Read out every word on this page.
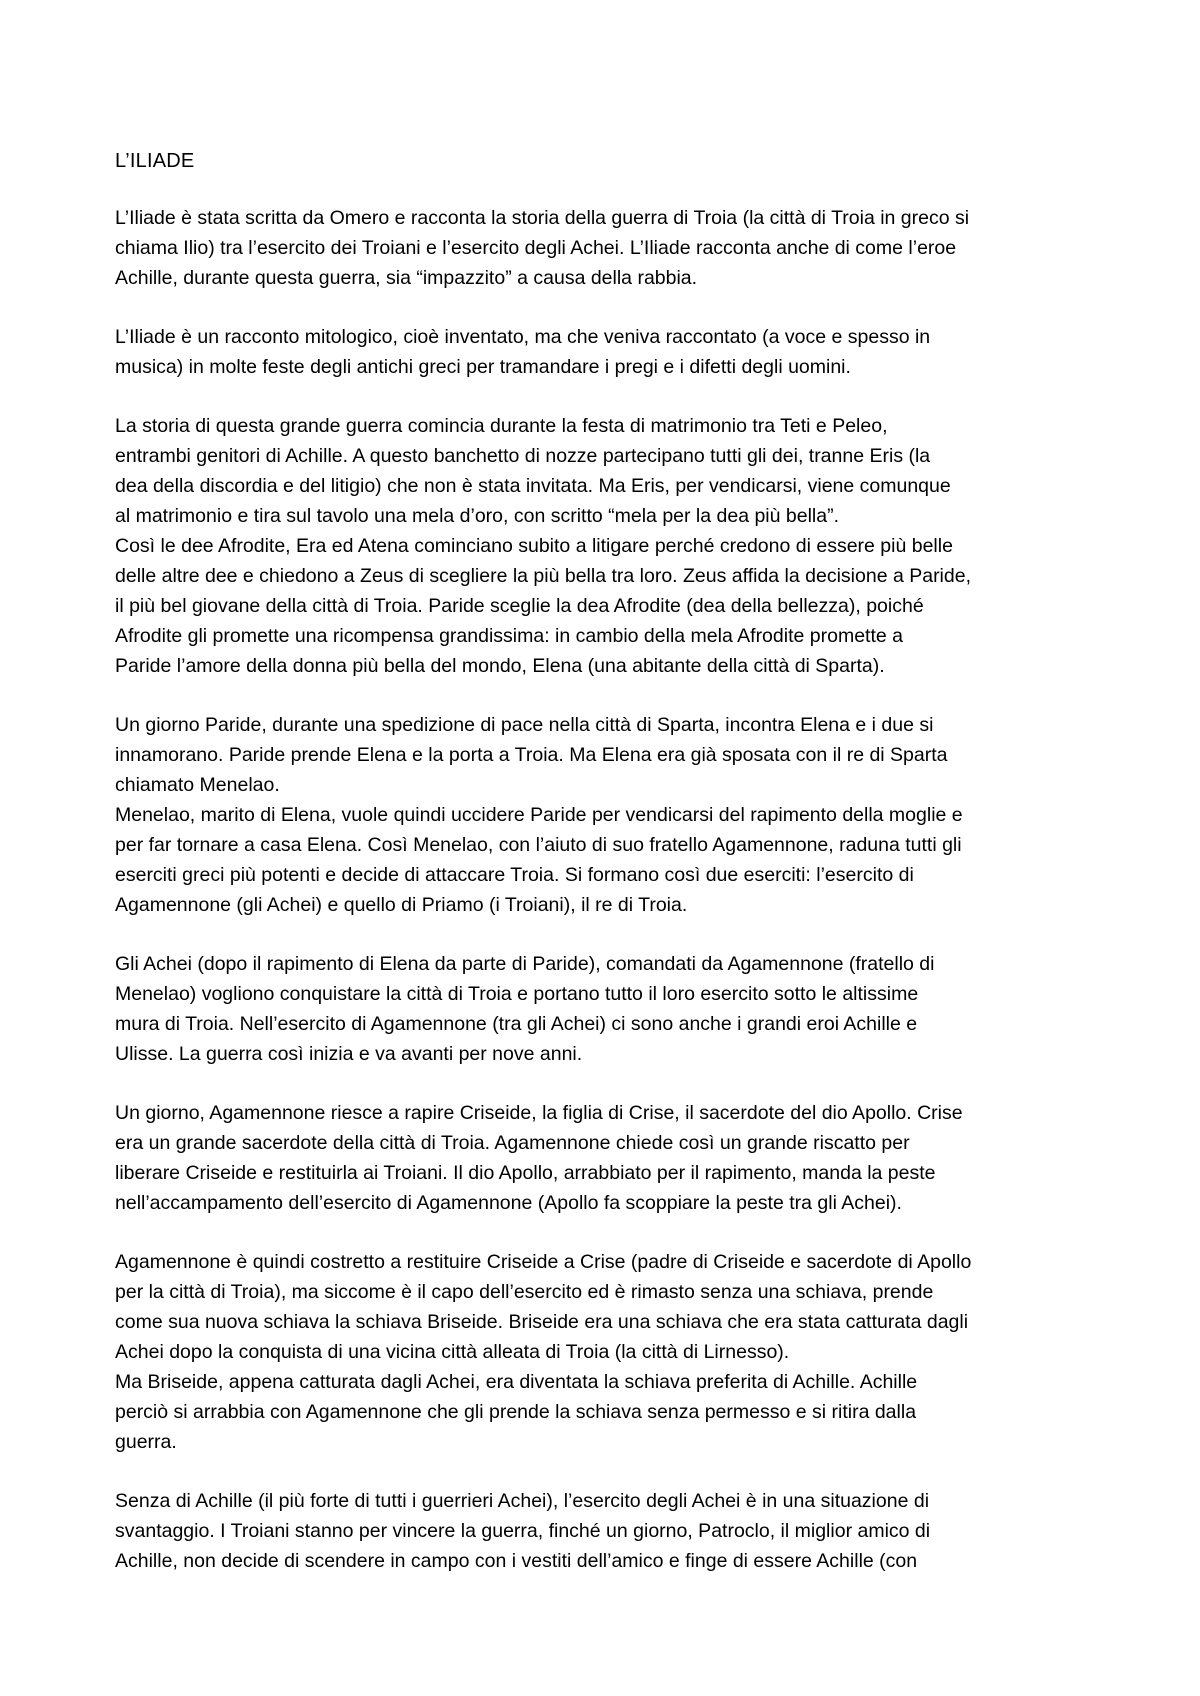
L’ILIADE
L’Iliade è stata scritta da Omero e racconta la storia della guerra di Troia (la città di Troia in greco si
chiama Ilio) tra l’esercito dei Troiani e l’esercito degli Achei. L’Iliade racconta anche di come l’eroe
Achille, durante questa guerra, sia “impazzito” a causa della rabbia.
L’Iliade è un racconto mitologico, cioè inventato, ma che veniva raccontato (a voce e spesso in
musica) in molte feste degli antichi greci per tramandare i pregi e i difetti degli uomini.
La storia di questa grande guerra comincia durante la festa di matrimonio tra Teti e Peleo,
entrambi genitori di Achille. A questo banchetto di nozze partecipano tutti gli dei, tranne Eris (la
dea della discordia e del litigio) che non è stata invitata. Ma Eris, per vendicarsi, viene comunque
al matrimonio e tira sul tavolo una mela d’oro, con scritto “mela per la dea più bella”.
Così le dee Afrodite, Era ed Atena cominciano subito a litigare perché credono di essere più belle
delle altre dee e chiedono a Zeus di scegliere la più bella tra loro. Zeus affida la decisione a Paride,
il più bel giovane della città di Troia. Paride sceglie la dea Afrodite (dea della bellezza), poiché
Afrodite gli promette una ricompensa grandissima: in cambio della mela Afrodite promette a
Paride l’amore della donna più bella del mondo, Elena (una abitante della città di Sparta).
Un giorno Paride, durante una spedizione di pace nella città di Sparta, incontra Elena e i due si
innamorano. Paride prende Elena e la porta a Troia. Ma Elena era già sposata con il re di Sparta
chiamato Menelao.
Menelao, marito di Elena, vuole quindi uccidere Paride per vendicarsi del rapimento della moglie e
per far tornare a casa Elena. Così Menelao, con l’aiuto di suo fratello Agamennone, raduna tutti gli
eserciti greci più potenti e decide di attaccare Troia. Si formano così due eserciti: l’esercito di
Agamennone (gli Achei) e quello di Priamo (i Troiani), il re di Troia.
Gli Achei (dopo il rapimento di Elena da parte di Paride), comandati da Agamennone (fratello di
Menelao) vogliono conquistare la città di Troia e portano tutto il loro esercito sotto le altissime
mura di Troia. Nell’esercito di Agamennone (tra gli Achei) ci sono anche i grandi eroi Achille e
Ulisse. La guerra così inizia e va avanti per nove anni.
Un giorno, Agamennone riesce a rapire Criseide, la figlia di Crise, il sacerdote del dio Apollo. Crise
era un grande sacerdote della città di Troia. Agamennone chiede così un grande riscatto per
liberare Criseide e restituirla ai Troiani. Il dio Apollo, arrabbiato per il rapimento, manda la peste
nell’accampamento dell’esercito di Agamennone (Apollo fa scoppiare la peste tra gli Achei).
Agamennone è quindi costretto a restituire Criseide a Crise (padre di Criseide e sacerdote di Apollo
per la città di Troia), ma siccome è il capo dell’esercito ed è rimasto senza una schiava, prende
come sua nuova schiava la schiava Briseide. Briseide era una schiava che era stata catturata dagli
Achei dopo la conquista di una vicina città alleata di Troia (la città di Lirnesso).
Ma Briseide, appena catturata dagli Achei, era diventata la schiava preferita di Achille. Achille
perciò si arrabbia con Agamennone che gli prende la schiava senza permesso e si ritira dalla
guerra.
Senza di Achille (il più forte di tutti i guerrieri Achei), l’esercito degli Achei è in una situazione di
svantaggio. I Troiani stanno per vincere la guerra, finché un giorno, Patroclo, il miglior amico di
Achille, non decide di scendere in campo con i vestiti dell’amico e finge di essere Achille (con
